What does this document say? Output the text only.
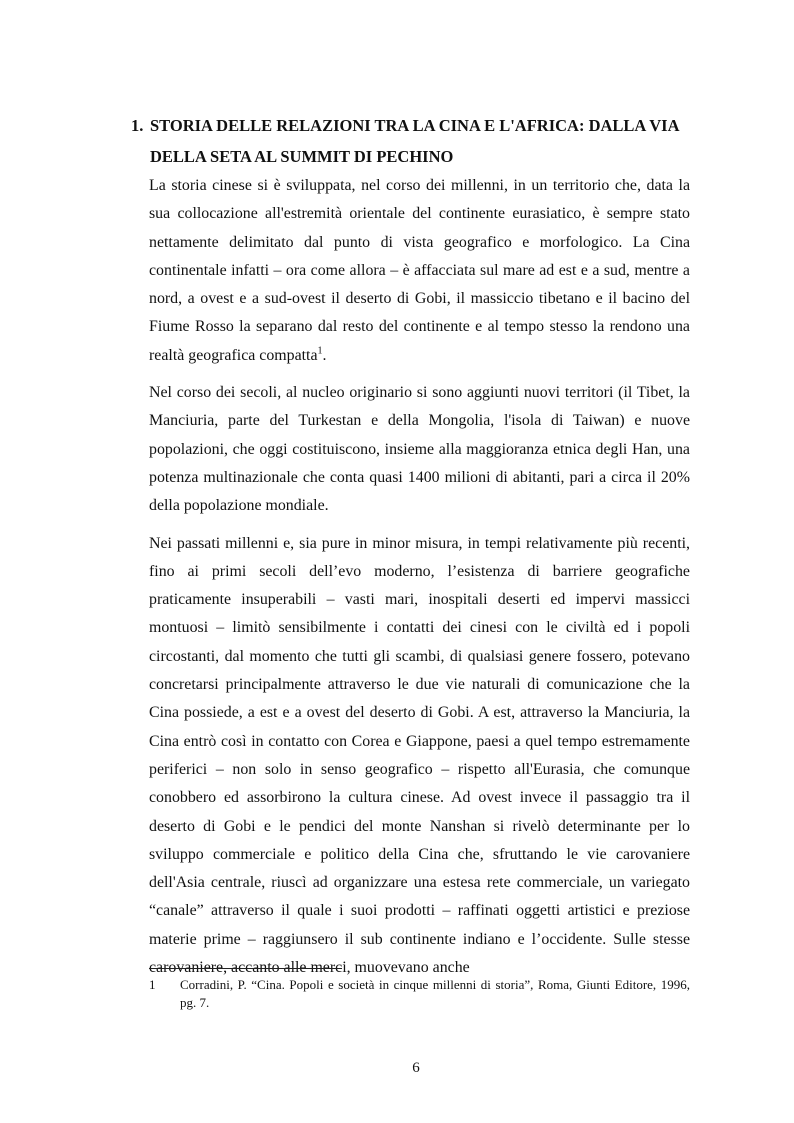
1. STORIA DELLE RELAZIONI TRA LA CINA E L'AFRICA: DALLA VIA DELLA SETA AL SUMMIT DI PECHINO

La storia cinese si è sviluppata, nel corso dei millenni, in un territorio che, data la sua collocazione all'estremità orientale del continente eurasiatico, è sempre stato nettamente delimitato dal punto di vista geografico e morfologico. La Cina continentale infatti – ora come allora – è affacciata sul mare ad est e a sud, mentre a nord, a ovest e a sud-ovest il deserto di Gobi, il massiccio tibetano e il bacino del Fiume Rosso la separano dal resto del continente e al tempo stesso la rendono una realtà geografica compatta$^1$.

Nel corso dei secoli, al nucleo originario si sono aggiunti nuovi territori (il Tibet, la Manciuria, parte del Turkestan e della Mongolia, l'isola di Taiwan) e nuove popolazioni, che oggi costituiscono, insieme alla maggioranza etnica degli Han, una potenza multinazionale che conta quasi 1400 milioni di abitanti, pari a circa il 20% della popolazione mondiale.

Nei passati millenni e, sia pure in minor misura, in tempi relativamente più recenti, fino ai primi secoli dell’evo moderno, l’esistenza di barriere geografiche praticamente insuperabili – vasti mari, inospitali deserti ed impervi massicci montuosi – limitò sensibilmente i contatti dei cinesi con le civiltà ed i popoli circostanti, dal momento che tutti gli scambi, di qualsiasi genere fossero, potevano concretarsi principalmente attraverso le due vie naturali di comunicazione che la Cina possiede, a est e a ovest del deserto di Gobi. A est, attraverso la Manciuria, la Cina entrò così in contatto con Corea e Giappone, paesi a quel tempo estremamente periferici – non solo in senso geografico – rispetto all'Eurasia, che comunque conobbero ed assorbirono la cultura cinese. Ad ovest invece il passaggio tra il deserto di Gobi e le pendici del monte Nanshan si rivelò determinante per lo sviluppo commerciale e politico della Cina che, sfruttando le vie carovaniere dell'Asia centrale, riuscì ad organizzare una estesa rete commerciale, un variegato “canale” attraverso il quale i suoi prodotti – raffinati oggetti artistici e preziose materie prime – raggiunsero il sub continente indiano e l’occidente. Sulle stesse carovaniere, accanto alle merci, muovevano anche

1	Corradini, P. “Cina. Popoli e società in cinque millenni di storia”, Roma, Giunti Editore, 1996, pg. 7.
6
